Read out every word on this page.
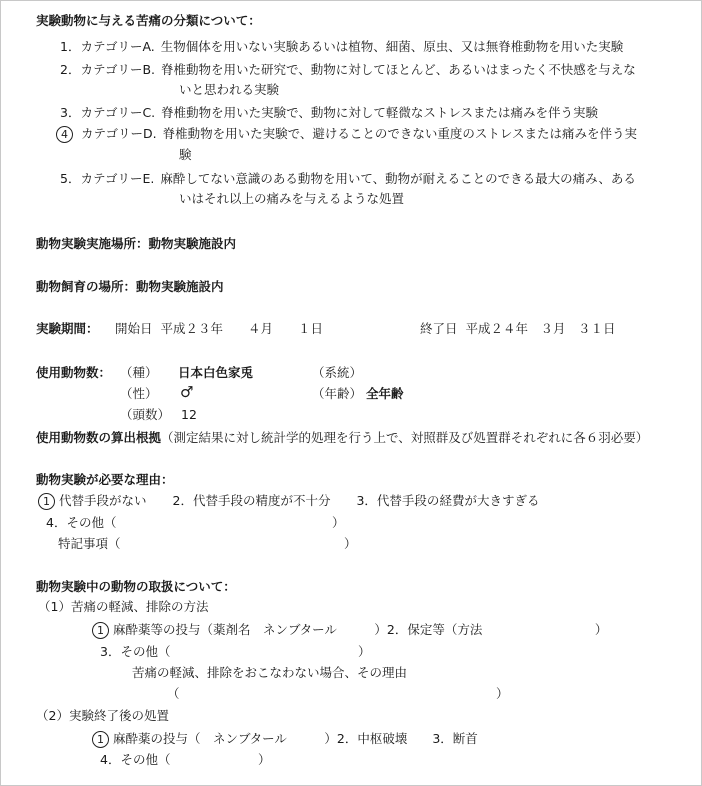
実験動物に与える苦痛の分類について：
1．カテゴリーA. 生物個体を用いない実験あるいは植物、細菌、原虫、又は無脊椎動物を用いた実験
2．カテゴリーB. 脊椎動物を用いた研究で、動物に対してほとんど、あるいはまったく不快感を与えな
いと思われる実験
3．カテゴリーC. 脊椎動物を用いた実験で、動物に対して軽微なストレスまたは痛みを伴う実験
4 カテゴリーD. 脊椎動物を用いた実験で、避けることのできない重度のストレスまたは痛みを伴う実
験
5．カテゴリーE. 麻酔してない意識のある動物を用いて、動物が耐えることのできる最大の痛み、ある
いはそれ以上の痛みを与えるような処置
動物実験実施場所：動物実験施設内
動物飼育の場所：動物実験施設内
実験期間： 開始日 平成２３年　　４月　　１日	終了日 平成２４年　３月　３１日
使用動物数： （種） 日本白色家兎	（系統）
（性） ♂	（年齢） 全年齢
（頭数） 12
使用動物数の算出根拠（測定結果に対し統計学的処理を行う上で、対照群及び処置群それぞれに各６羽必要）
動物実験が必要な理由：
1 代替手段がない 2．代替手段の精度が不十分 3．代替手段の経費が大きすぎる
4．その他（	）
特記事項（	）
動物実験中の動物の取扱について：
（1）苦痛の軽減、排除の方法
1 麻酔薬等の投与（薬剤名　ネンブタール　　　）2．保定等（方法　　　　　　　　　）
3．その他（　　　　　　　　　　　　　　　）
苦痛の軽減、排除をおこなわない場合、その理由
（	）
（2）実験終了後の処置
1 麻酔薬の投与（　ネンブタール　　　）2．中枢破壊　　3．断首
4．その他（　　　　　　　）
